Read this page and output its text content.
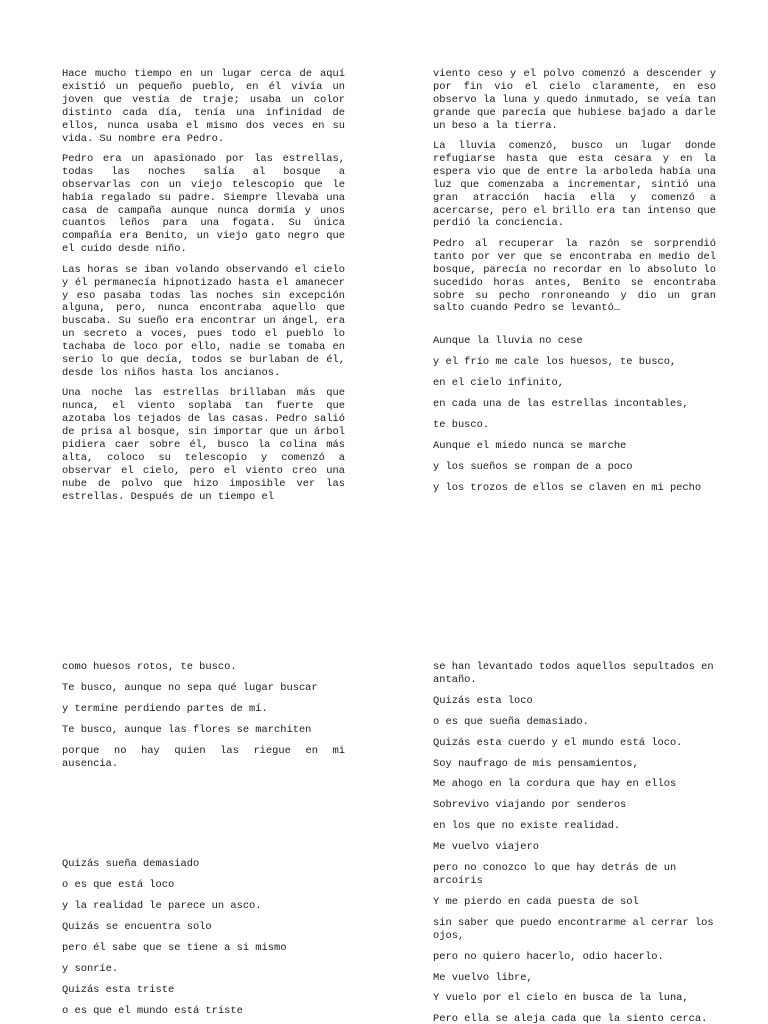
Hace mucho tiempo en un lugar cerca de aquí existió un pequeño pueblo, en él vivía un joven que vestía de traje; usaba un color distinto cada día, tenía una infinidad de ellos, nunca usaba el mismo dos veces en su vida. Su nombre era Pedro.

Pedro era un apasionado por las estrellas, todas las noches salía al bosque a observarlas con un viejo telescopio que le había regalado su padre. Siempre llevaba una casa de campaña aunque nunca dormía y unos cuantos leños para una fogata. Su única compañía era Benito, un viejo gato negro que el cuido desde niño.

Las horas se iban volando observando el cielo y él permanecía hipnotizado hasta el amanecer y eso pasaba todas las noches sin excepción alguna, pero, nunca encontraba aquello que buscaba. Su sueño era encontrar un ángel, era un secreto a voces, pues todo el pueblo lo tachaba de loco por ello, nadie se tomaba en serio lo que decía, todos se burlaban de él, desde los niños hasta los ancianos.

Una noche las estrellas brillaban más que nunca, el viento soplaba tan fuerte que azotaba los tejados de las casas. Pedro salió de prisa al bosque, sin importar que un árbol pidiera caer sobre él, busco la colina más alta, coloco su telescopio y comenzó a observar el cielo, pero el viento creo una nube de polvo que hizo imposible ver las estrellas. Después de un tiempo el

viento ceso y el polvo comenzó a descender y por fin vio el cielo claramente, en eso observo la luna y quedo inmutado, se veía tan grande que parecía que hubiese bajado a darle un beso a la tierra.

La lluvia comenzó, busco un lugar donde refugiarse hasta que esta cesara y en la espera vio que de entre la arboleda había una luz que comenzaba a incrementar, sintió una gran atracción hacia ella y comenzó a acercarse, pero el brillo era tan intenso que perdió la conciencia.

Pedro al recuperar la razón se sorprendió tanto por ver que se encontraba en medio del bosque, parecía no recordar en lo absoluto lo sucedido horas antes, Benito se encontraba sobre su pecho ronroneando y dio un gran salto cuando Pedro se levantó…

Aunque la lluvia no cese

y el frío me cale los huesos, te busco,

en el cielo infinito,

en cada una de las estrellas incontables,

te busco.

Aunque el miedo nunca se marche

y los sueños se rompan de a poco

y los trozos de ellos se claven en mi pecho

como huesos rotos, te busco.

Te busco, aunque no sepa qué lugar buscar

y termine perdiendo partes de mí.

Te busco, aunque las flores se marchiten

porque no hay quien las riegue en mi ausencia.

Quizás sueña demasiado

o es que está loco

y la realidad le parece un asco.

Quizás se encuentra solo

pero él sabe que se tiene a si mismo

y sonríe.

Quizás esta triste

o es que el mundo está triste

se han levantado todos aquellos sepultados en antaño.

Quizás esta loco

o es que sueña demasiado.

Quizás esta cuerdo y el mundo está loco.

Soy naufrago de mis pensamientos,

Me ahogo en la cordura que hay en ellos

Sobrevivo viajando por senderos

en los que no existe realidad.

Me vuelvo viajero

pero no conozco lo que hay detrás de un arcoíris

Y me pierdo en cada puesta de sol

sin saber que puedo encontrarme al cerrar los ojos,

pero no quiero hacerlo, odio hacerlo.

Me vuelvo libre,

Y vuelo por el cielo en busca de la luna,

Pero ella se aleja cada que la siento cerca.
